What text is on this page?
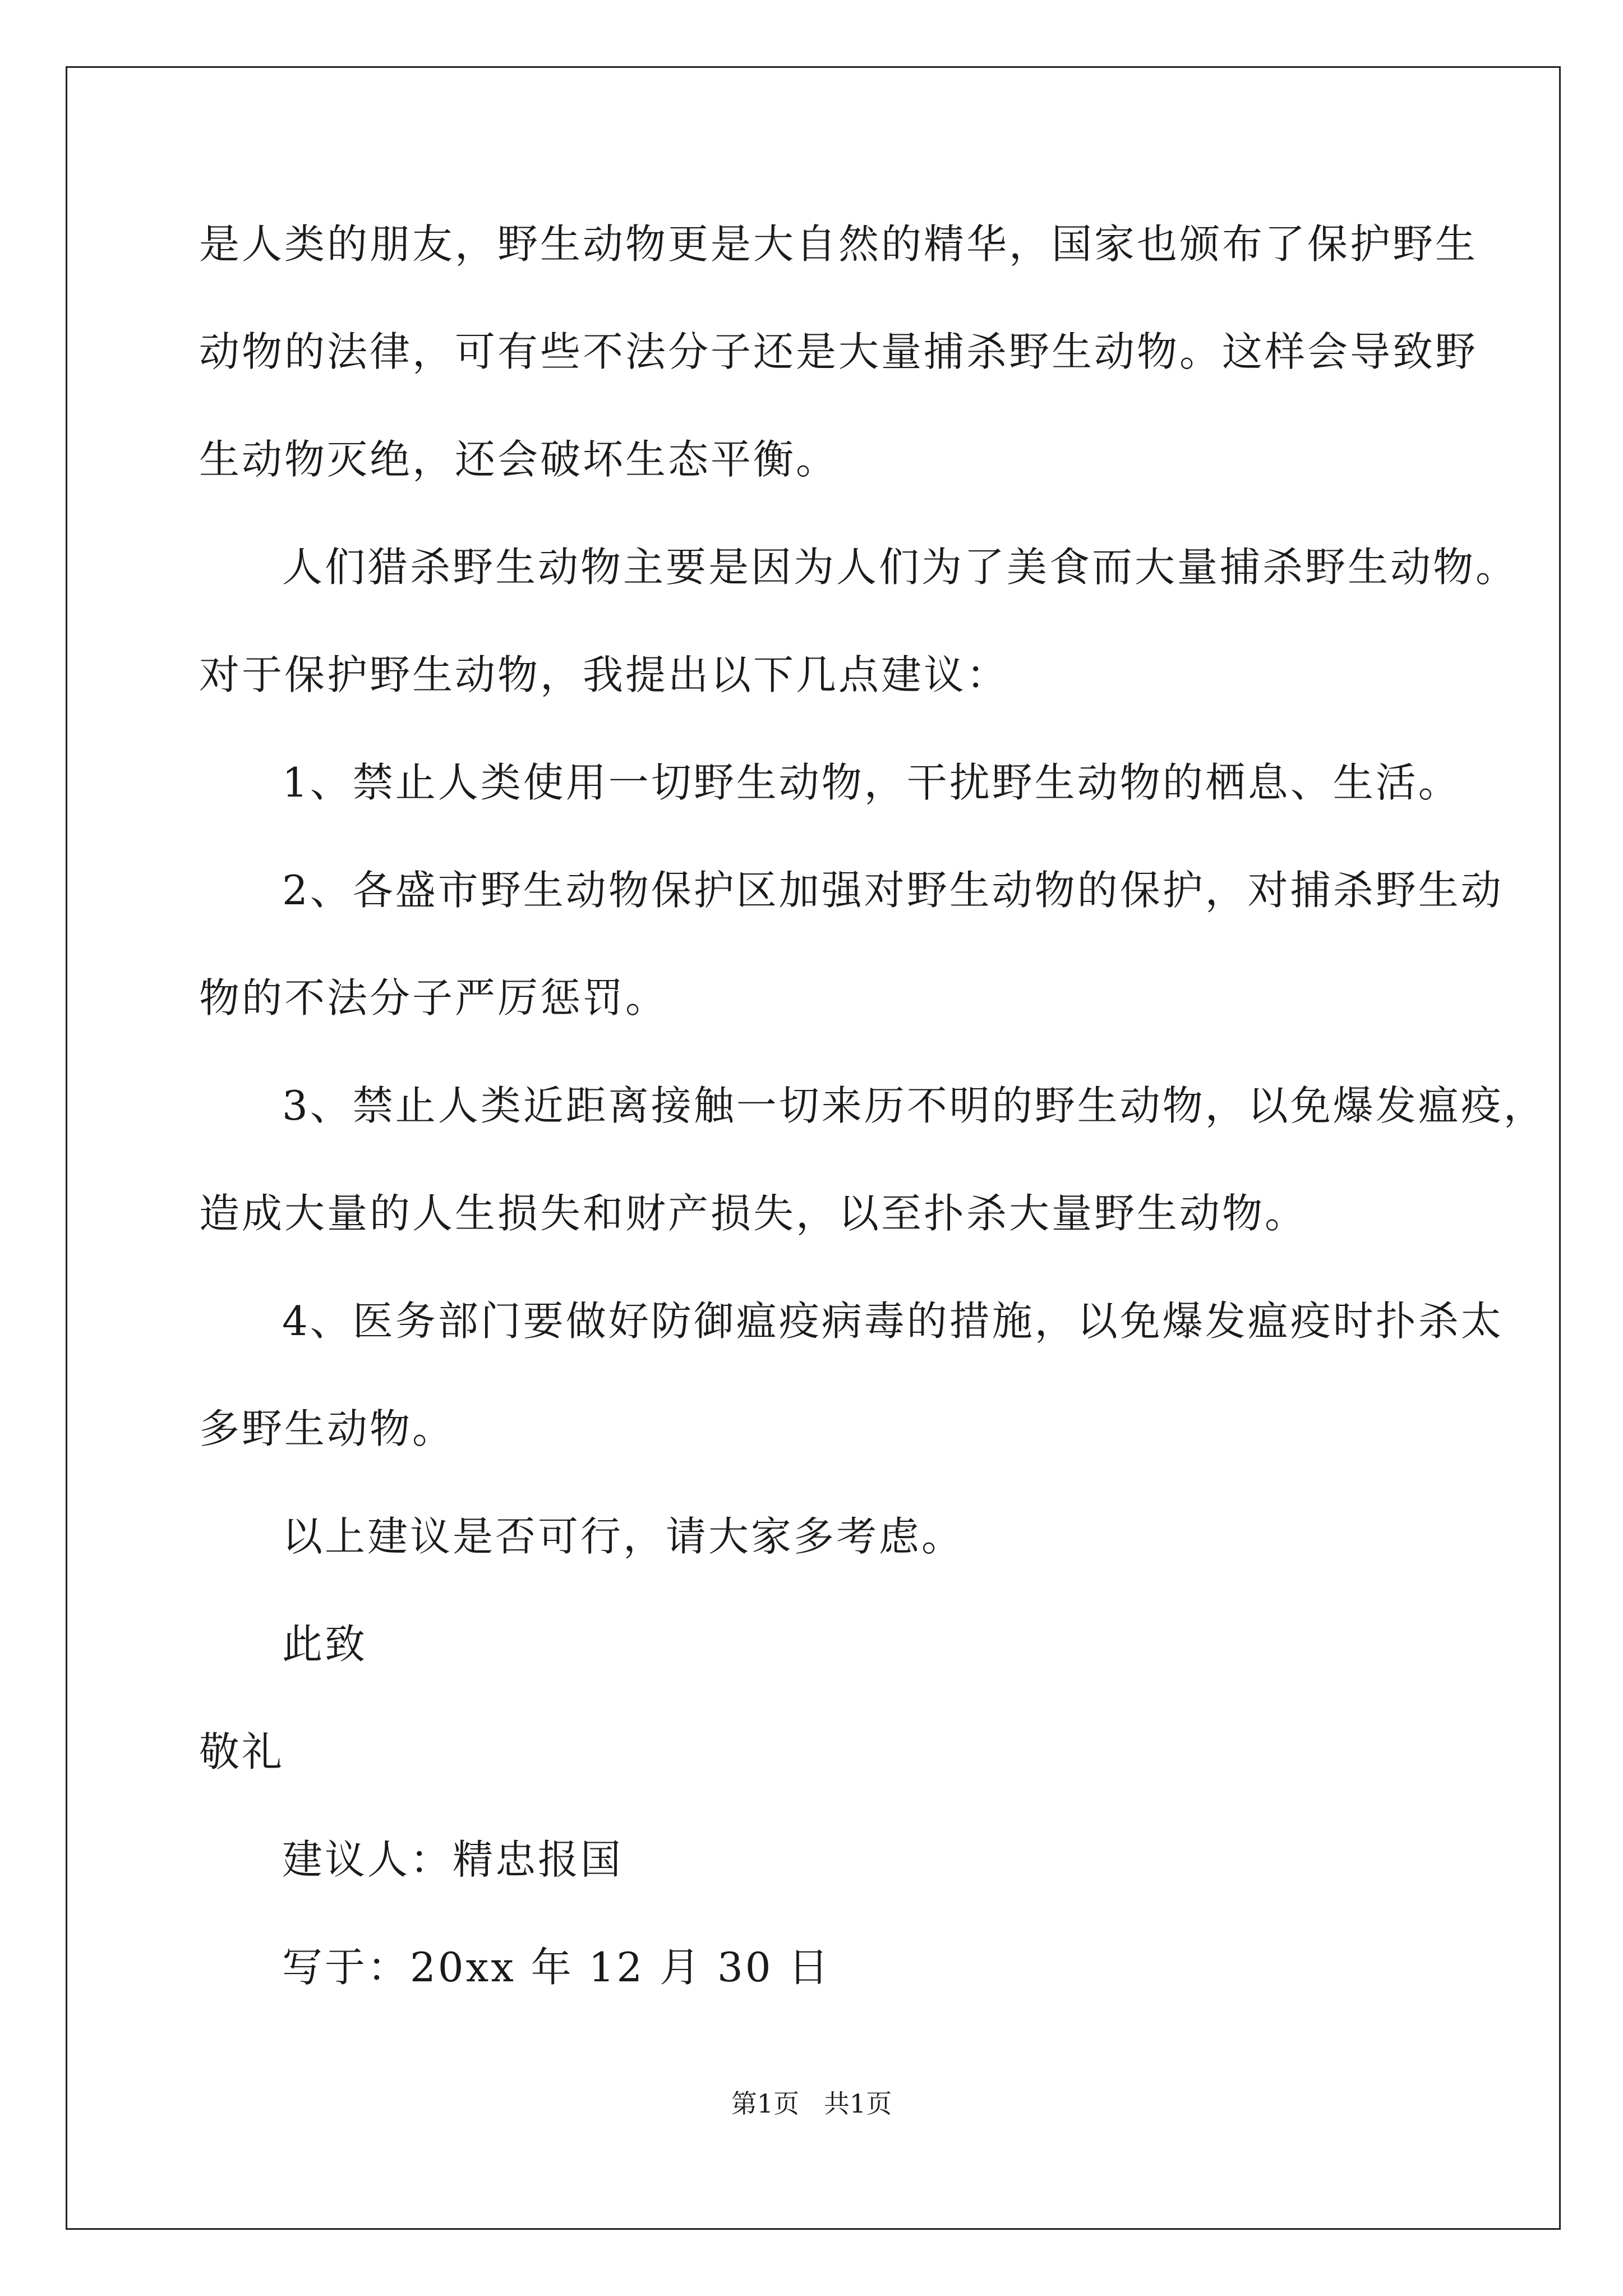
是人类的朋友，野生动物更是大自然的精华，国家也颁布了保护野生
动物的法律，可有些不法分子还是大量捕杀野生动物。这样会导致野
生动物灭绝，还会破坏生态平衡。
人们猎杀野生动物主要是因为人们为了美食而大量捕杀野生动物。
对于保护野生动物，我提出以下几点建议：
1、禁止人类使用一切野生动物，干扰野生动物的栖息、生活。
2、各盛市野生动物保护区加强对野生动物的保护，对捕杀野生动
物的不法分子严厉惩罚。
3、禁止人类近距离接触一切来历不明的野生动物，以免爆发瘟疫，
造成大量的人生损失和财产损失，以至扑杀大量野生动物。
4、医务部门要做好防御瘟疫病毒的措施，以免爆发瘟疫时扑杀太
多野生动物。
以上建议是否可行，请大家多考虑。
此致
敬礼
建议人：精忠报国
写于：20xx 年 12 月 30 日
第1页   共1页
